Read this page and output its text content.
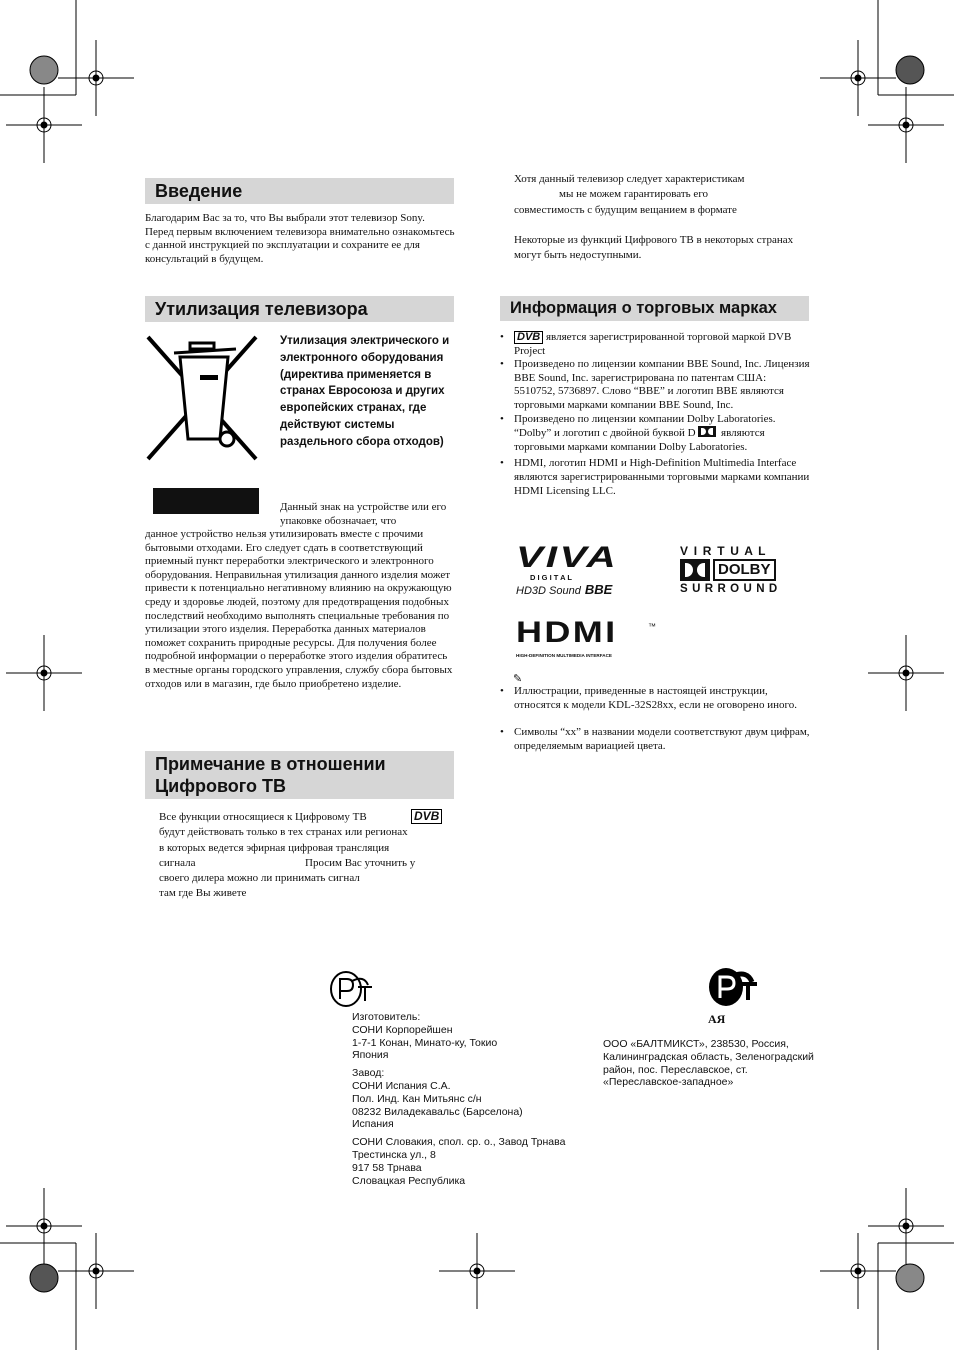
Введение

Благодарим Вас за то, что Вы выбрали этот телевизор Sony.

Перед первым включением телевизора внимательно ознакомьтесь с данной инструкцией по эксплуатации и сохраните ее для консультаций в будущем.

Утилизация телевизора
Утилизация электрического и электронного оборудования (директива применяется в странах Евросоюза и других европейских странах, где действуют системы раздельного сбора отходов)
Данный знак на устройстве или его упаковке обозначает, что
данное устройство нельзя утилизировать вместе с прочими бытовыми отходами. Его следует сдать в соответствующий приемный пункт переработки электрического и электронного оборудования. Неправильная утилизация данного изделия может привести к потенциально негативному влиянию на окружающую среду и здоровье людей, поэтому для предотвращения подобных последствий необходимо выполнять специальные требования по утилизации этого изделия. Переработка данных материалов поможет сохранить природные ресурсы. Для получения более подробной информации о переработке этого изделия обратитесь в местные органы городского управления, службу сбора бытовых отходов или в магазин, где было приобретено изделие.
Примечание в отношении
Цифрового ТВ
Все функции относящиеся к Цифровому ТВ	DVB
будут действовать только в тех странах или регионах
в которых ведется эфирная цифровая трансляция
сигнала	Просим Вас уточнить у
своего дилера можно ли принимать сигнал
там где Вы живете
Хотя данный телевизор следует характеристикам
мы не можем гарантировать его
совместимость с будущим вещанием в формате
Некоторые из функций Цифрового ТВ в некоторых странах могут быть недоступными.
Информация о торговых марках
• DVB является зарегистрированной торговой маркой DVB Project
• Произведено по лицензии компании BBE Sound, Inc. Лицензия BBE Sound, Inc. зарегистрирована по патентам США: 5510752, 5736897. Слово “BBE” и логотип BBE являются торговыми марками компании BBE Sound, Inc.
• Произведено по лицензии компании Dolby Laboratories. “Dolby” и логотип с двойной буквой D являются торговыми марками компании Dolby Laboratories.
• HDMI, логотип HDMI и High-Definition Multimedia Interface являются зарегистрированными торговыми марками компании HDMI Licensing LLC.
VIVA
D I G I T A L
HD3D Sound BBE
V I R T U A L
DOLBY
S U R R O U N D
HDMI	™
HIGH-DEFINITION MULTIMEDIA INTERFACE
✎
• Иллюстрации, приведенные в настоящей инструкции, относятся к модели KDL-32S28xx, если не оговорено иного.
• Символы “xx” в названии модели соответствуют двум цифрам, определяемым вариацией цвета.
Изготовитель:
СОНИ Корпорейшен
1-7-1 Конан, Минато-ку, Токио
Япония
Завод:
СОНИ Испания С.А.
Пол. Инд. Кан Митьянс с/н
08232 Виладекавальс (Барселона)
Испания
СОНИ Словакия, спол. ср. о., Завод Трнава
Трестинска ул., 8
917 58 Трнава
Словацкая Республика
АЯ
ООО «БАЛТМИКСТ», 238530, Россия,
Калининградская область, Зеленоградский
район, пос. Переславское, ст.
«Переславское-западное»
